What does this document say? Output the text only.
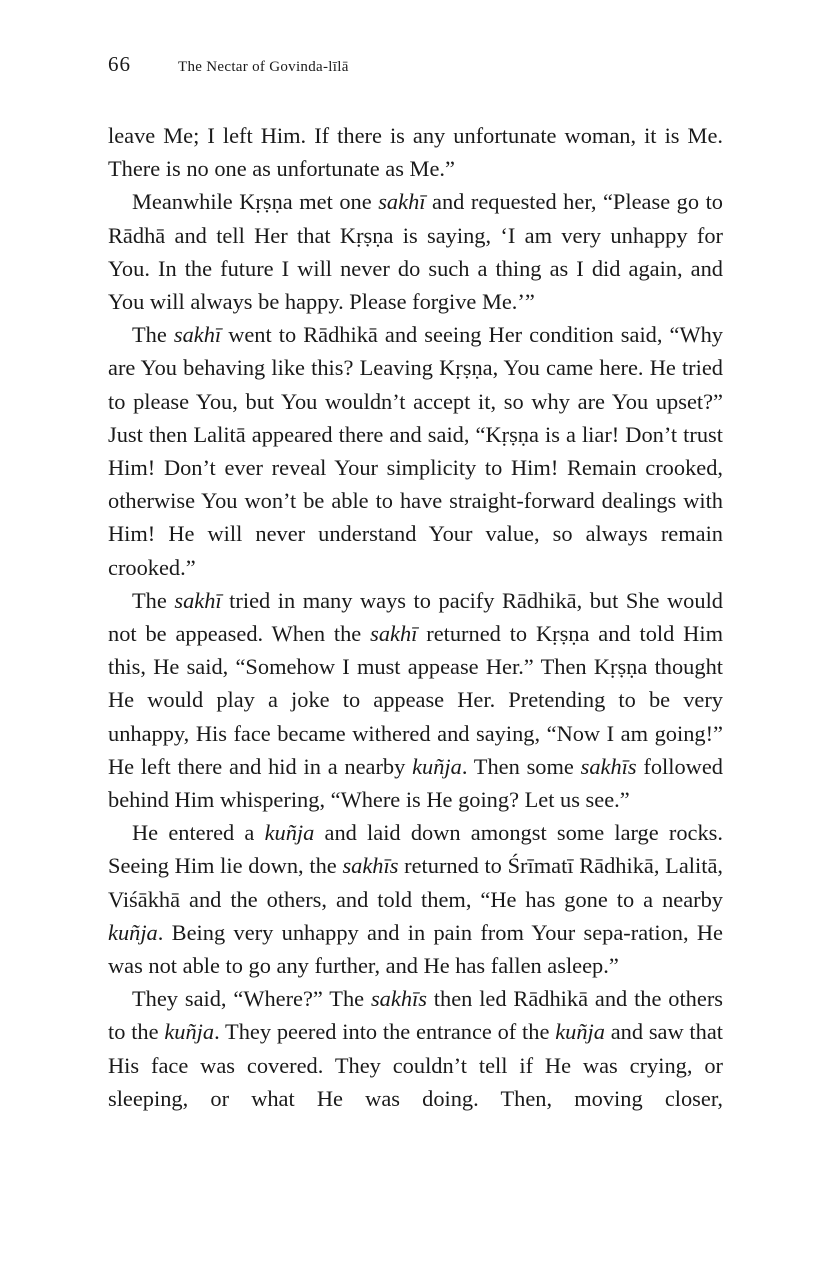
66	The Nectar of Govinda-līlā

leave Me; I left Him. If there is any unfortunate woman, it is Me. There is no one as unfortunate as Me.”

Meanwhile Kṛṣṇa met one sakhī and requested her, “Please go to Rādhā and tell Her that Kṛṣṇa is saying, ‘I am very unhappy for You. In the future I will never do such a thing as I did again, and You will always be happy. Please forgive Me.’”

The sakhī went to Rādhikā and seeing Her condition said, “Why are You behaving like this? Leaving Kṛṣṇa, You came here. He tried to please You, but You wouldn’t accept it, so why are You upset?” Just then Lalitā appeared there and said, “Kṛṣṇa is a liar! Don’t trust Him! Don’t ever reveal Your simplicity to Him! Remain crooked, otherwise You won’t be able to have straight-forward dealings with Him! He will never understand Your value, so always remain crooked.”

The sakhī tried in many ways to pacify Rādhikā, but She would not be appeased. When the sakhī returned to Kṛṣṇa and told Him this, He said, “Somehow I must appease Her.” Then Kṛṣṇa thought He would play a joke to appease Her. Pretending to be very unhappy, His face became withered and saying, “Now I am going!” He left there and hid in a nearby kuñja. Then some sakhīs followed behind Him whispering, “Where is He going? Let us see.”

He entered a kuñja and laid down amongst some large rocks. Seeing Him lie down, the sakhīs returned to Śrīmatī Rādhikā, Lalitā, Viśākhā and the others, and told them, “He has gone to a nearby kuñja. Being very unhappy and in pain from Your sepa-ration, He was not able to go any further, and He has fallen asleep.”

They said, “Where?” The sakhīs then led Rādhikā and the others to the kuñja. They peered into the entrance of the kuñja and saw that His face was covered. They couldn’t tell if He was crying, or sleeping, or what He was doing. Then, moving closer,
